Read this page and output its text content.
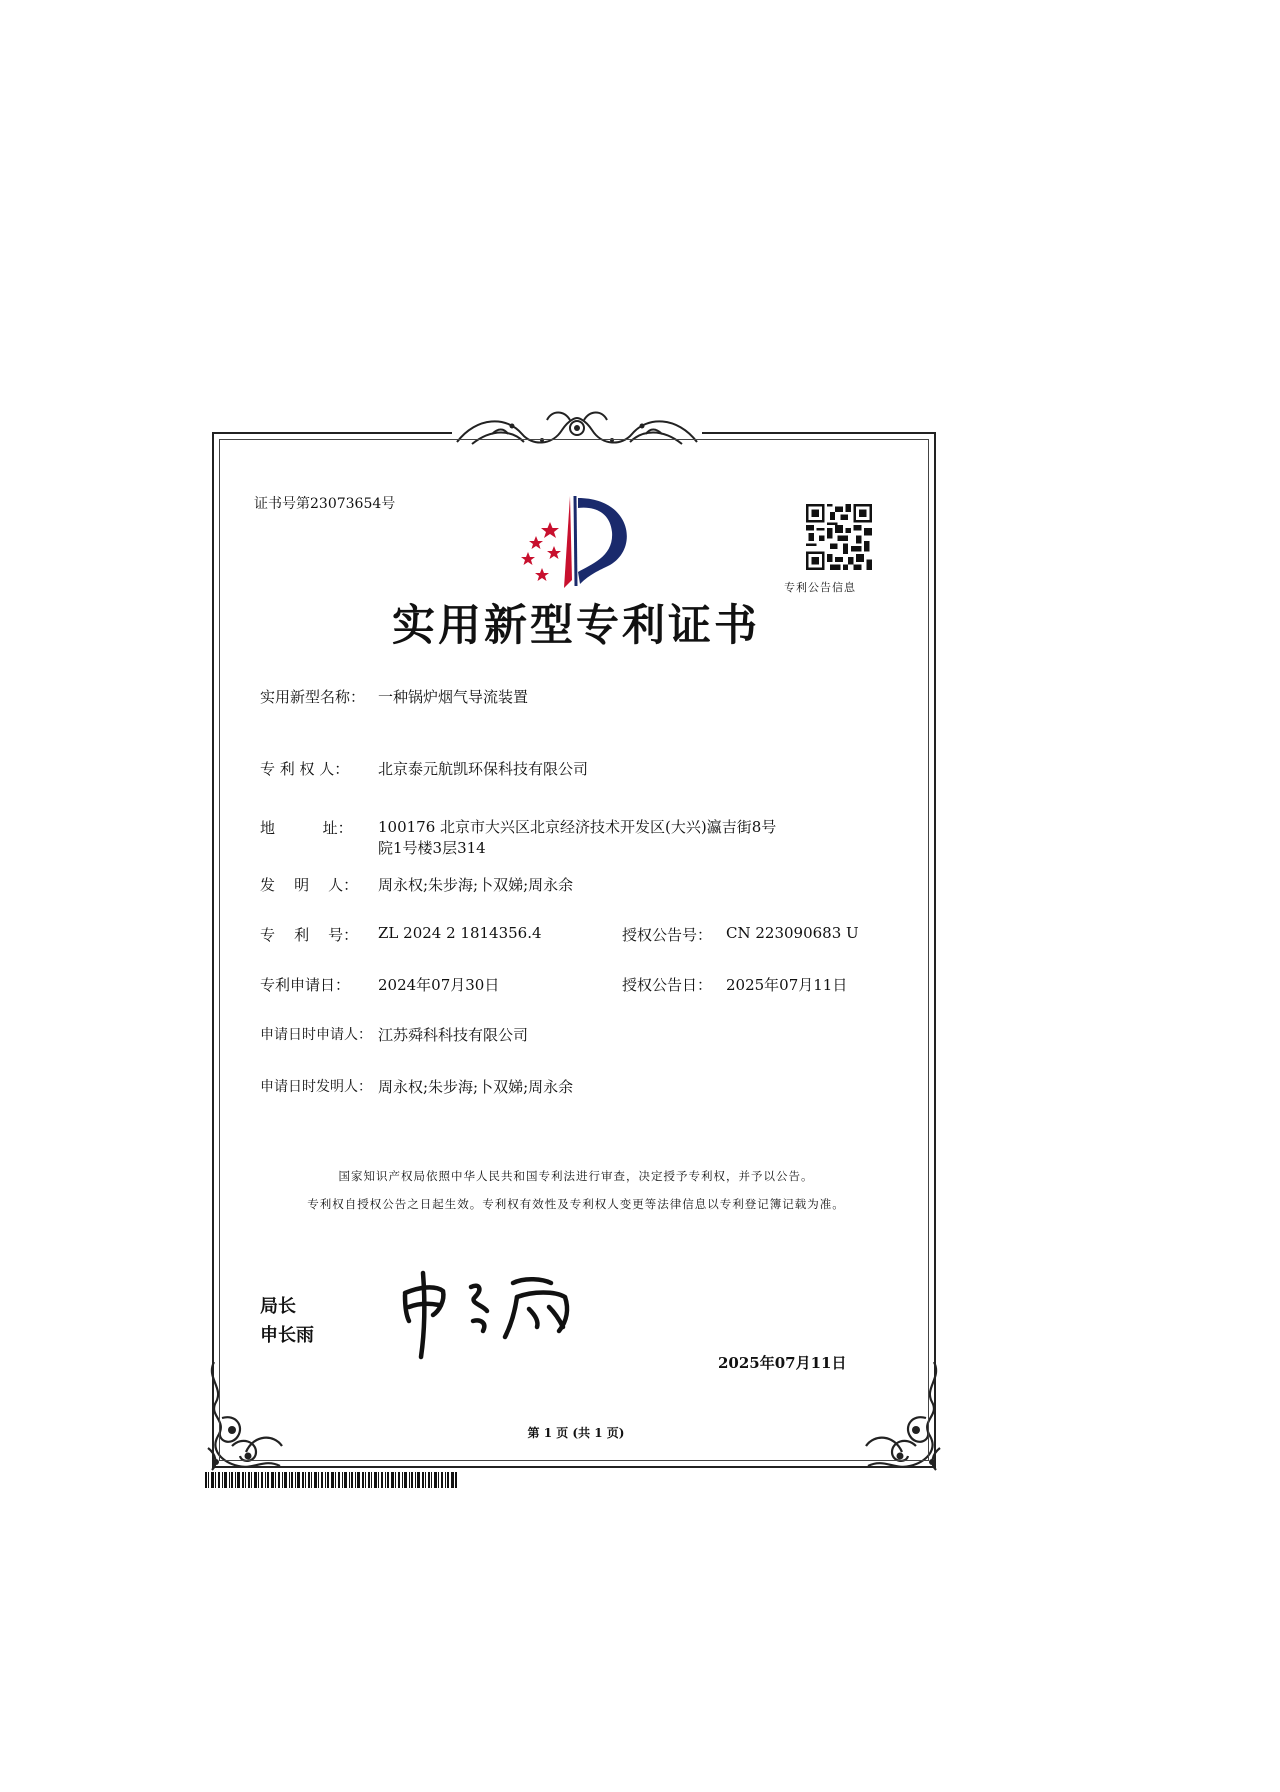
证书号第23073654号
专利公告信息
实用新型专利证书
实用新型名称： 一种锅炉烟气导流装置
专 利 权 人： 北京泰元航凯环保科技有限公司
地          址： 100176 北京市大兴区北京经济技术开发区(大兴)瀛吉街8号
院1号楼3层314
发    明    人： 周永权;朱步海;卜双娣;周永余
专    利    号： ZL 2024 2 1814356.4	授权公告号： CN 223090683 U
专利申请日： 2024年07月30日	授权公告日： 2025年07月11日
申请日时申请人： 江苏舜科科技有限公司
申请日时发明人： 周永权;朱步海;卜双娣;周永余
国家知识产权局依照中华人民共和国专利法进行审查，决定授予专利权，并予以公告。
专利权自授权公告之日起生效。专利权有效性及专利权人变更等法律信息以专利登记簿记载为准。
局长
申长雨
2025年07月11日
第 1 页 (共 1 页)
